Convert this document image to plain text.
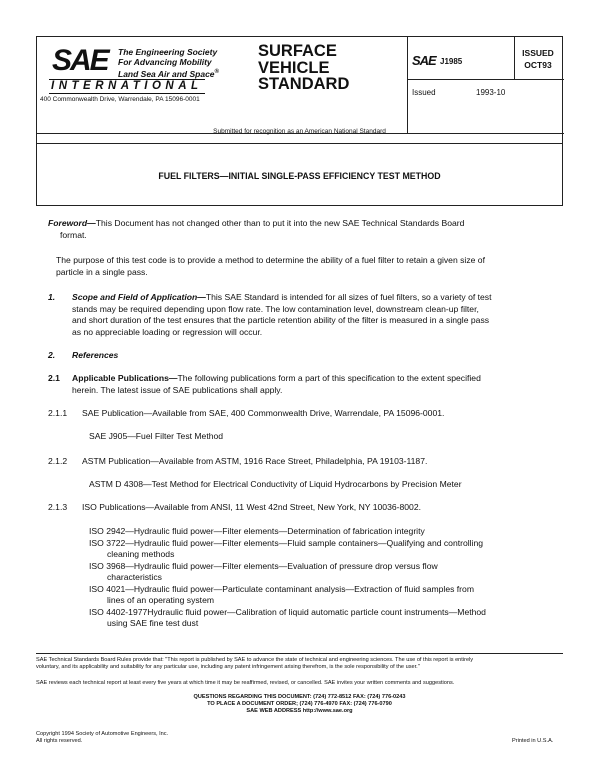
SAE The Engineering Society
For Advancing Mobility
Land Sea Air and Space®
INTERNATIONAL
400 Commonwealth Drive, Warrendale, PA 15096-0001
SURFACE
VEHICLE
STANDARD
SAE J1985
Issued	1993-10
ISSUED
OCT93
Submitted for recognition as an American National Standard
FUEL FILTERS—INITIAL SINGLE-PASS EFFICIENCY TEST METHOD
Foreword—This Document has not changed other than to put it into the new SAE Technical Standards Board
format.
The purpose of this test code is to provide a method to determine the ability of a fuel filter to retain a given size of
particle in a single pass.
1. Scope and Field of Application—This SAE Standard is intended for all sizes of fuel filters, so a variety of test
stands may be required depending upon flow rate. The low contamination level, downstream clean-up filter,
and short duration of the test ensures that the particle retention ability of the filter is measured in a single pass
as no appreciable loading or regression will occur.
2. References
2.1 Applicable Publications—The following publications form a part of this specification to the extent specified
herein. The latest issue of SAE publications shall apply.
2.1.1 SAE Publication—Available from SAE, 400 Commonwealth Drive, Warrendale, PA 15096-0001.
SAE J905—Fuel Filter Test Method
2.1.2 ASTM Publication—Available from ASTM, 1916 Race Street, Philadelphia, PA 19103-1187.
ASTM D 4308—Test Method for Electrical Conductivity of Liquid Hydrocarbons by Precision Meter
2.1.3 ISO Publications—Available from ANSI, 11 West 42nd Street, New York, NY 10036-8002.
ISO 2942—Hydraulic fluid power—Filter elements—Determination of fabrication integrity
ISO 3722—Hydraulic fluid power—Filter elements—Fluid sample containers—Qualifying and controlling
cleaning methods
ISO 3968—Hydraulic fluid power—Filter elements—Evaluation of pressure drop versus flow
characteristics
ISO 4021—Hydraulic fluid power—Particulate contaminant analysis—Extraction of fluid samples from
lines of an operating system
ISO 4402-1977Hydraulic fluid power—Calibration of liquid automatic particle count instruments—Method
using SAE fine test dust
SAE Technical Standards Board Rules provide that: "This report is published by SAE to advance the state of technical and engineering sciences. The use of this report is entirely
voluntary, and its applicability and suitability for any particular use, including any patent infringement arising therefrom, is the sole responsibility of the user."
SAE reviews each technical report at least every five years at which time it may be reaffirmed, revised, or cancelled. SAE invites your written comments and suggestions.
QUESTIONS REGARDING THIS DOCUMENT: (724) 772-8512 FAX: (724) 776-0243
TO PLACE A DOCUMENT ORDER; (724) 776-4970 FAX: (724) 776-0790
SAE WEB ADDRESS http://www.sae.org
Copyright 1994 Society of Automotive Engineers, Inc.
All rights reserved.	Printed in U.S.A.
